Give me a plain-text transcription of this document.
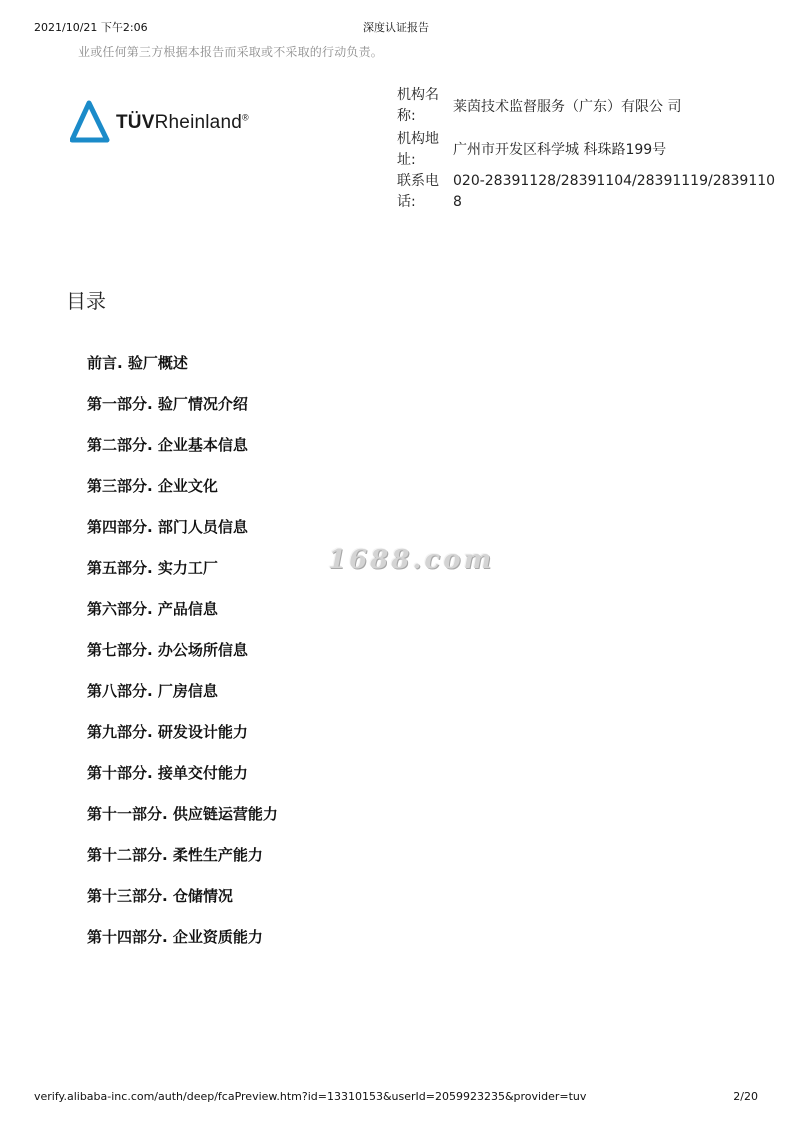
2021/10/21 下午2:06	深度认证报告
业或任何第三方根据本报告而采取或不采取的行动负责。
TÜVRheinland®
机构名称:
莱茵技术监督服务（广东）有限公 司
机构地址:
广州市开发区科学城 科珠路199号
联系电话:
020-28391128/28391104/28391119/28391108
目录
前言. 验厂概述
第一部分. 验厂情况介绍
第二部分. 企业基本信息
第三部分. 企业文化
第四部分. 部门人员信息
第五部分. 实力工厂
第六部分. 产品信息
第七部分. 办公场所信息
第八部分. 厂房信息
第九部分. 研发设计能力
第十部分. 接单交付能力
第十一部分. 供应链运营能力
第十二部分. 柔性生产能力
第十三部分. 仓储情况
第十四部分. 企业资质能力
1688.com
verify.alibaba-inc.com/auth/deep/fcaPreview.htm?id=13310153&userId=2059923235&provider=tuv	2/20
